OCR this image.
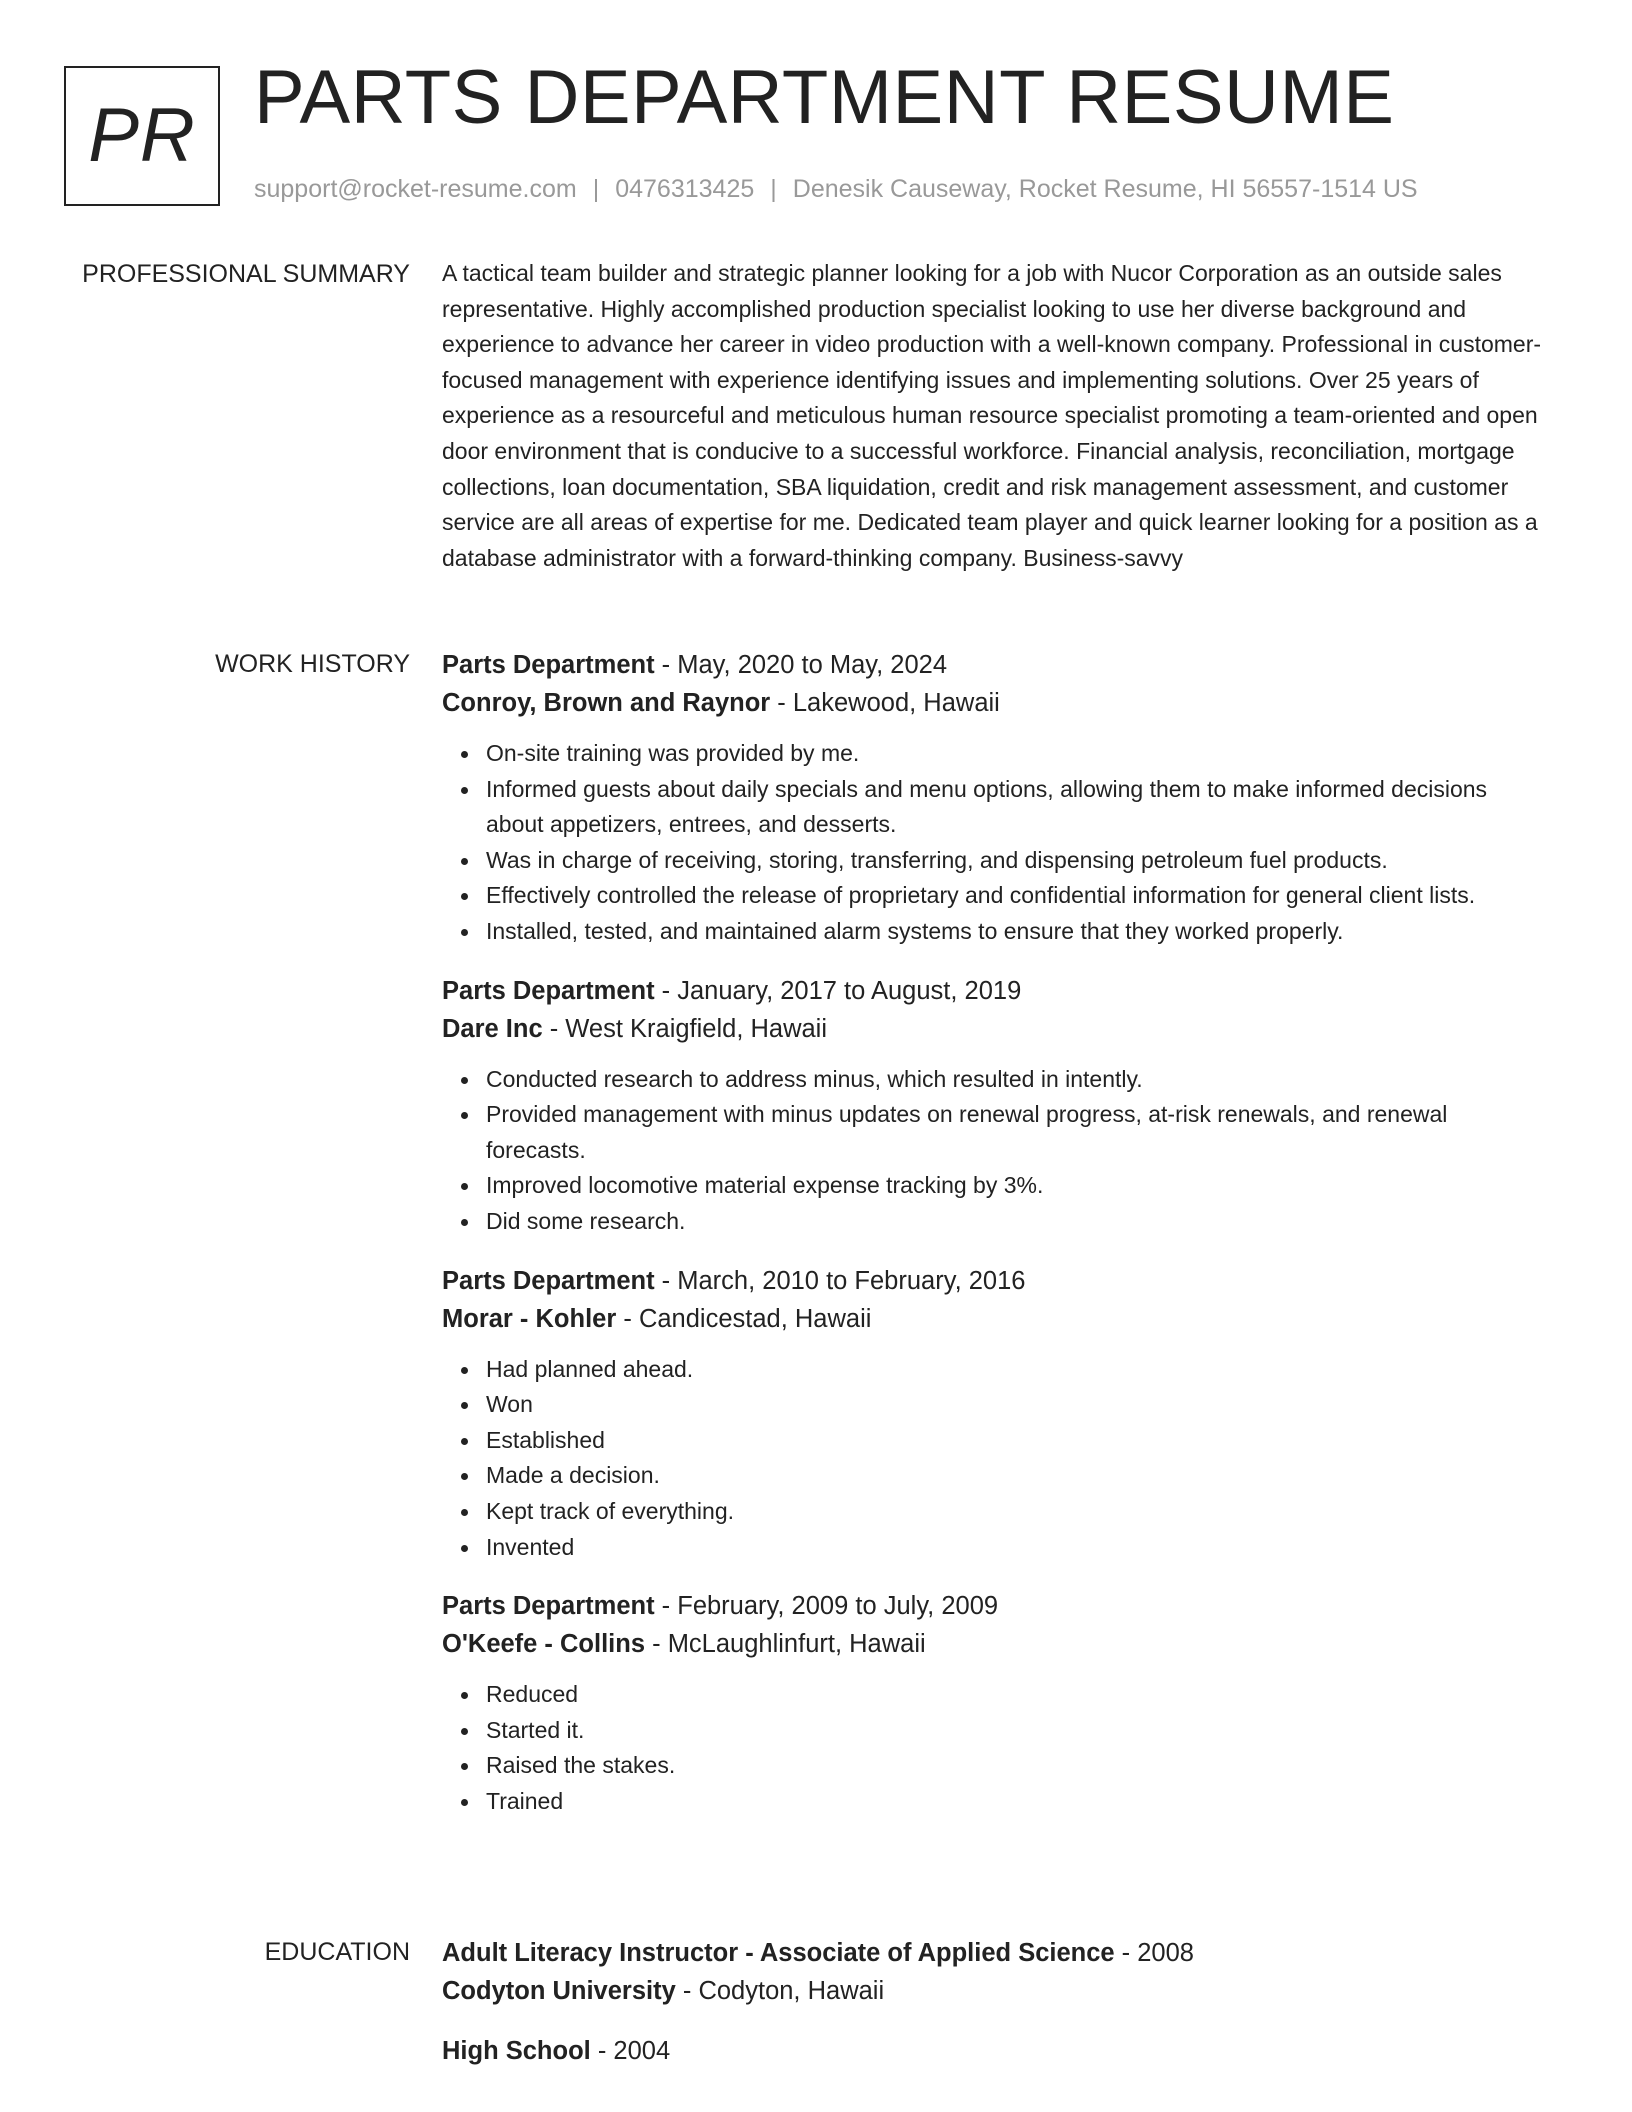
PR PARTS DEPARTMENT RESUME
support@rocket-resume.com | 0476313425 | Denesik Causeway, Rocket Resume, HI 56557-1514 US
PROFESSIONAL SUMMARY A tactical team builder and strategic planner looking for a job with Nucor Corporation as an outside sales representative. Highly accomplished production specialist looking to use her diverse background and experience to advance her career in video production with a well-known company. Professional in customer-focused management with experience identifying issues and implementing solutions. Over 25 years of experience as a resourceful and meticulous human resource specialist promoting a team-oriented and open door environment that is conducive to a successful workforce. Financial analysis, reconciliation, mortgage collections, loan documentation, SBA liquidation, credit and risk management assessment, and customer service are all areas of expertise for me. Dedicated team player and quick learner looking for a position as a database administrator with a forward-thinking company. Business-savvy

WORK HISTORY Parts Department - May, 2020 to May, 2024
Conroy, Brown and Raynor - Lakewood, Hawaii
On-site training was provided by me.
Informed guests about daily specials and menu options, allowing them to make informed decisions about appetizers, entrees, and desserts.
Was in charge of receiving, storing, transferring, and dispensing petroleum fuel products.
Effectively controlled the release of proprietary and confidential information for general client lists.
Installed, tested, and maintained alarm systems to ensure that they worked properly.
Parts Department - January, 2017 to August, 2019
Dare Inc - West Kraigfield, Hawaii
Conducted research to address minus, which resulted in intently.
Provided management with minus updates on renewal progress, at-risk renewals, and renewal forecasts.
Improved locomotive material expense tracking by 3%.
Did some research.
Parts Department - March, 2010 to February, 2016
Morar - Kohler - Candicestad, Hawaii
Had planned ahead.
Won
Established
Made a decision.
Kept track of everything.
Invented
Parts Department - February, 2009 to July, 2009
O'Keefe - Collins - McLaughlinfurt, Hawaii
Reduced
Started it.
Raised the stakes.
Trained
EDUCATION Adult Literacy Instructor - Associate of Applied Science - 2008
Codyton University - Codyton, Hawaii
High School - 2004
